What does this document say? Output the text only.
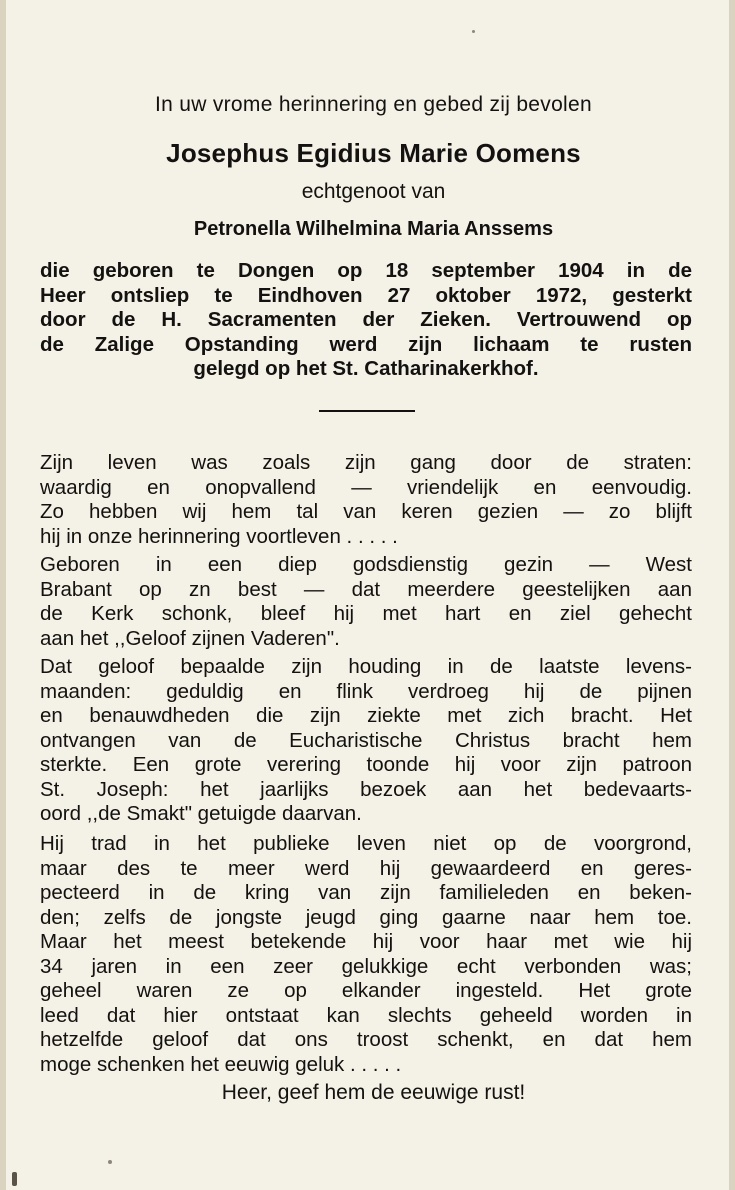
In uw vrome herinnering en gebed zij bevolen
Josephus Egidius Marie Oomens
echtgenoot van
Petronella Wilhelmina Maria Anssems
die geboren te Dongen op 18 september 1904 in de
Heer ontsliep te Eindhoven 27 oktober 1972, gesterkt
door de H. Sacramenten der Zieken. Vertrouwend op
de Zalige Opstanding werd zijn lichaam te rusten
gelegd op het St. Catharinakerkhof.
Zijn leven was zoals zijn gang door de straten:
waardig en onopvallend — vriendelijk en eenvoudig.
Zo hebben wij hem tal van keren gezien — zo blijft
hij in onze herinnering voortleven . . . . .
Geboren in een diep godsdienstig gezin — West
Brabant op zn best — dat meerdere geestelijken aan
de Kerk schonk, bleef hij met hart en ziel gehecht
aan het ,,Geloof zijnen Vaderen".
Dat geloof bepaalde zijn houding in de laatste levens-
maanden: geduldig en flink verdroeg hij de pijnen
en benauwdheden die zijn ziekte met zich bracht. Het
ontvangen van de Eucharistische Christus bracht hem
sterkte. Een grote verering toonde hij voor zijn patroon
St. Joseph: het jaarlijks bezoek aan het bedevaarts-
oord ,,de Smakt" getuigde daarvan.
Hij trad in het publieke leven niet op de voorgrond,
maar des te meer werd hij gewaardeerd en geres-
pecteerd in de kring van zijn familieleden en beken-
den; zelfs de jongste jeugd ging gaarne naar hem toe.
Maar het meest betekende hij voor haar met wie hij
34 jaren in een zeer gelukkige echt verbonden was;
geheel waren ze op elkander ingesteld. Het grote
leed dat hier ontstaat kan slechts geheeld worden in
hetzelfde geloof dat ons troost schenkt, en dat hem
moge schenken het eeuwig geluk . . . . .
Heer, geef hem de eeuwige rust!
